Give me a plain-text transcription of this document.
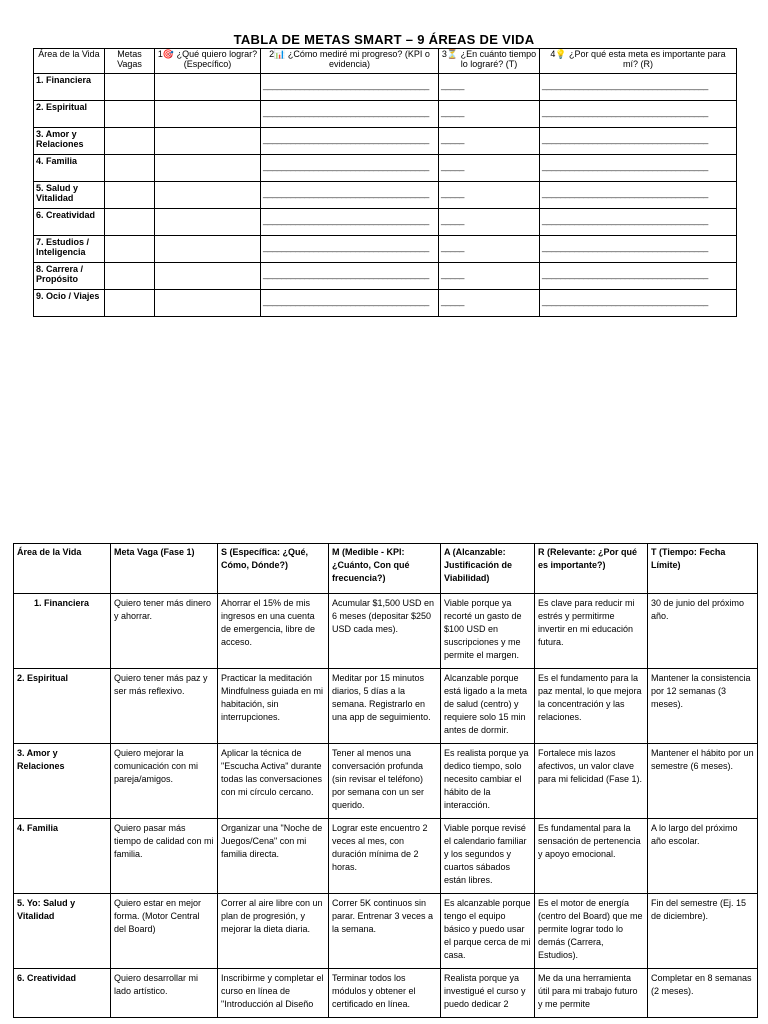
TABLA DE METAS SMART – 9 ÁREAS DE VIDA
Área de la Vida	Metas Vagas	1🎯 ¿Qué quiero lograr? (Específico)	2📊 ¿Cómo mediré mi progreso? (KPI o evidencia)	3⏳ ¿En cuánto tiempo lo lograré? (T)	4💡 ¿Por qué esta meta es importante para mí? (R)
1. Financiera			____________________________________	_____	____________________________________

2. Espiritual			____________________________________	_____	____________________________________

3. Amor y Relaciones			____________________________________	_____	____________________________________

4. Familia			____________________________________	_____	____________________________________

5. Salud y Vitalidad			____________________________________	_____	____________________________________

6. Creatividad			____________________________________	_____	____________________________________

7. Estudios / Inteligencia			____________________________________	_____	____________________________________

8. Carrera / Propósito			____________________________________	_____	____________________________________

9. Ocio / Viajes			____________________________________	_____	____________________________________
Área de la Vida	Meta Vaga (Fase 1)	S (Específica: ¿Qué, Cómo, Dónde?)	M (Medible - KPI: ¿Cuánto, Con qué frecuencia?)	A (Alcanzable: Justificación de Viabilidad)	R (Relevante: ¿Por qué es importante?)	T (Tiempo: Fecha Límite)
1. Financiera	Quiero tener más dinero y ahorrar.	Ahorrar el 15% de mis ingresos en una cuenta de emergencia, libre de acceso.	Acumular $1,500 USD en 6 meses (depositar $250 USD cada mes).	Viable porque ya recorté un gasto de $100 USD en suscripciones y me permite el margen.	Es clave para reducir mi estrés y permitirme invertir en mi educación futura.	30 de junio del próximo año.
2. Espiritual	Quiero tener más paz y ser más reflexivo.	Practicar la meditación Mindfulness guiada en mi habitación, sin interrupciones.	Meditar por 15 minutos diarios, 5 días a la semana. Registrarlo en una app de seguimiento.	Alcanzable porque está ligado a la meta de salud (centro) y requiere solo 15 min antes de dormir.	Es el fundamento para la paz mental, lo que mejora la concentración y las relaciones.	Mantener la consistencia por 12 semanas (3 meses).
3. Amor y Relaciones	Quiero mejorar la comunicación con mi pareja/amigos.	Aplicar la técnica de "Escucha Activa" durante todas las conversaciones con mi círculo cercano.	Tener al menos una conversación profunda (sin revisar el teléfono) por semana con un ser querido.	Es realista porque ya dedico tiempo, solo necesito cambiar el hábito de la interacción.	Fortalece mis lazos afectivos, un valor clave para mi felicidad (Fase 1).	Mantener el hábito por un semestre (6 meses).
4. Familia	Quiero pasar más tiempo de calidad con mi familia.	Organizar una "Noche de Juegos/Cena" con mi familia directa.	Lograr este encuentro 2 veces al mes, con duración mínima de 2 horas.	Viable porque revisé el calendario familiar y los segundos y cuartos sábados están libres.	Es fundamental para la sensación de pertenencia y apoyo emocional.	A lo largo del próximo año escolar.
5. Yo: Salud y Vitalidad	Quiero estar en mejor forma. (Motor Central del Board)	Correr al aire libre con un plan de progresión, y mejorar la dieta diaria.	Correr 5K continuos sin parar. Entrenar 3 veces a la semana.	Es alcanzable porque tengo el equipo básico y puedo usar el parque cerca de mi casa.	Es el motor de energía (centro del Board) que me permite lograr todo lo demás (Carrera, Estudios).	Fin del semestre (Ej. 15 de diciembre).
6. Creatividad	Quiero desarrollar mi lado artístico.	Inscribirme y completar el curso en línea de "Introducción al Diseño	Terminar todos los módulos y obtener el certificado en línea.	Realista porque ya investigué el curso y puedo dedicar 2	Me da una herramienta útil para mi trabajo futuro y me permite	Completar en 8 semanas (2 meses).
